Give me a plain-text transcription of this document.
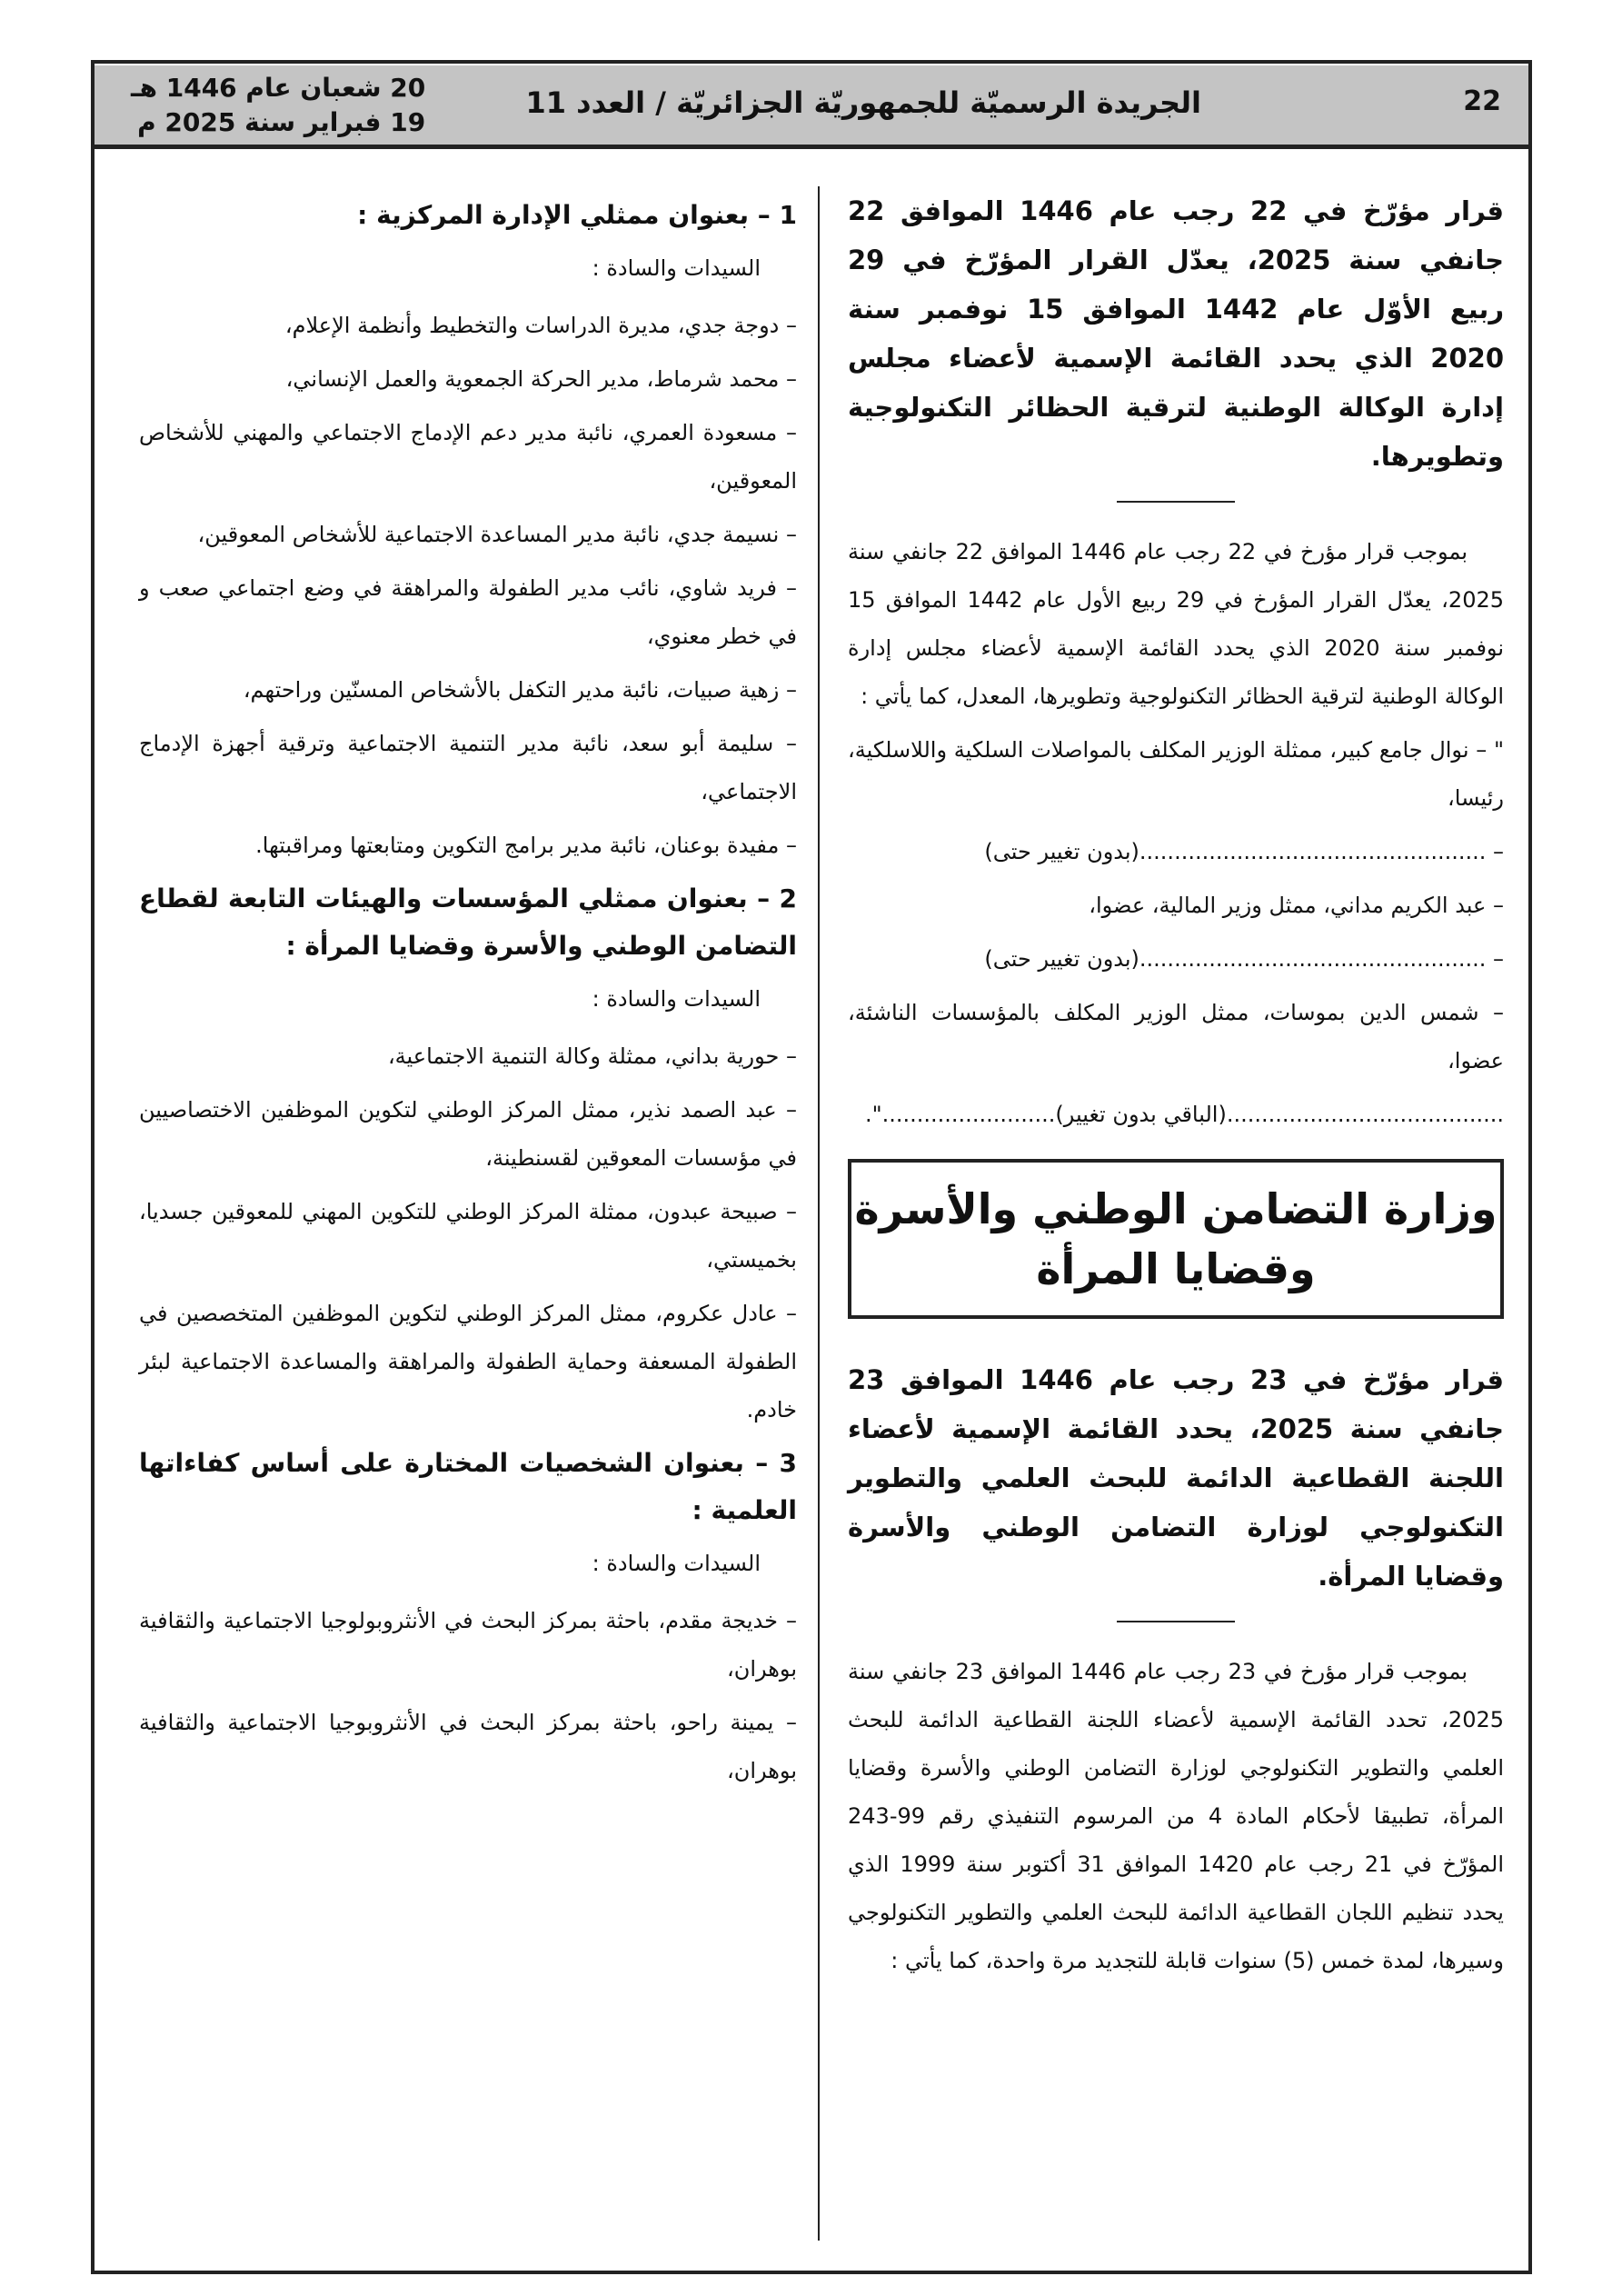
22
الجريدة الرسميّة للجمهوريّة الجزائريّة / العدد 11
20 شعبان عام 1446 هـ
19 فبراير سنة 2025 م

قرار مؤرّخ في 22 رجب عام 1446 الموافق 22 جانفي سنة 2025، يعدّل القرار المؤرّخ في 29 ربيع الأوّل عام 1442 الموافق 15 نوفمبر سنة 2020 الذي يحدد القائمة الإسمية لأعضاء مجلس إدارة الوكالة الوطنية لترقية الحظائر التكنولوجية وتطويرها.

بموجب قرار مؤرخ في 22 رجب عام 1446 الموافق 22 جانفي سنة 2025، يعدّل القرار المؤرخ في 29 ربيع الأول عام 1442 الموافق 15 نوفمبر سنة 2020 الذي يحدد القائمة الإسمية لأعضاء مجلس إدارة الوكالة الوطنية لترقية الحظائر التكنولوجية وتطويرها، المعدل، كما يأتي :

" – نوال جامع كبير، ممثلة الوزير المكلف بالمواصلات السلكية واللاسلكية، رئيسا،

– ..................................................(بدون تغيير حتى)

– عبد الكريم مداني، ممثل وزير المالية، عضوا،

– ..................................................(بدون تغيير حتى)

– شمس الدين بموسات، ممثل الوزير المكلف بالمؤسسات الناشئة، عضوا،

........................................(الباقي بدون تغيير).........................".

وزارة التضامن الوطني والأسرة وقضايا المرأة

قرار مؤرّخ في 23 رجب عام 1446 الموافق 23 جانفي سنة 2025، يحدد القائمة الإسمية لأعضاء اللجنة القطاعية الدائمة للبحث العلمي والتطوير التكنولوجي لوزارة التضامن الوطني والأسرة وقضايا المرأة.

بموجب قرار مؤرخ في 23 رجب عام 1446 الموافق 23 جانفي سنة 2025، تحدد القائمة الإسمية لأعضاء اللجنة القطاعية الدائمة للبحث العلمي والتطوير التكنولوجي لوزارة التضامن الوطني والأسرة وقضايا المرأة، تطبيقا لأحكام المادة 4 من المرسوم التنفيذي رقم 99-243 المؤرّخ في 21 رجب عام 1420 الموافق 31 أكتوبر سنة 1999 الذي يحدد تنظيم اللجان القطاعية الدائمة للبحث العلمي والتطوير التكنولوجي وسيرها، لمدة خمس (5) سنوات قابلة للتجديد مرة واحدة، كما يأتي :

1 – بعنوان ممثلي الإدارة المركزية :

السيدات والسادة :

– دوجة جدي، مديرة الدراسات والتخطيط وأنظمة الإعلام،

– محمد شرماط، مدير الحركة الجمعوية والعمل الإنساني،

– مسعودة العمري، نائبة مدير دعم الإدماج الاجتماعي والمهني للأشخاص المعوقين،

– نسيمة جدي، نائبة مدير المساعدة الاجتماعية للأشخاص المعوقين،

– فريد شاوي، نائب مدير الطفولة والمراهقة في وضع اجتماعي صعب و في خطر معنوي،

– زهية صبيات، نائبة مدير التكفل بالأشخاص المسنّين وراحتهم،

– سليمة أبو سعد، نائبة مدير التنمية الاجتماعية وترقية أجهزة الإدماج الاجتماعي،

– مفيدة بوعنان، نائبة مدير برامج التكوين ومتابعتها ومراقبتها.

2 – بعنوان ممثلي المؤسسات والهيئات التابعة لقطاع التضامن الوطني والأسرة وقضايا المرأة :

السيدات والسادة :

– حورية بداني، ممثلة وكالة التنمية الاجتماعية،

– عبد الصمد نذير، ممثل المركز الوطني لتكوين الموظفين الاختصاصيين في مؤسسات المعوقين لقسنطينة،

– صبيحة عبدون، ممثلة المركز الوطني للتكوين المهني للمعوقين جسديا، بخميستي،

– عادل عكروم، ممثل المركز الوطني لتكوين الموظفين المتخصصين في الطفولة المسعفة وحماية الطفولة والمراهقة والمساعدة الاجتماعية لبئر خادم.

3 – بعنوان الشخصيات المختارة على أساس كفاءاتها العلمية :

السيدات والسادة :

– خديجة مقدم، باحثة بمركز البحث في الأنثروبولوجيا الاجتماعية والثقافية بوهران،

– يمينة راحو، باحثة بمركز البحث في الأنثروبوجيا الاجتماعية والثقافية بوهران،
